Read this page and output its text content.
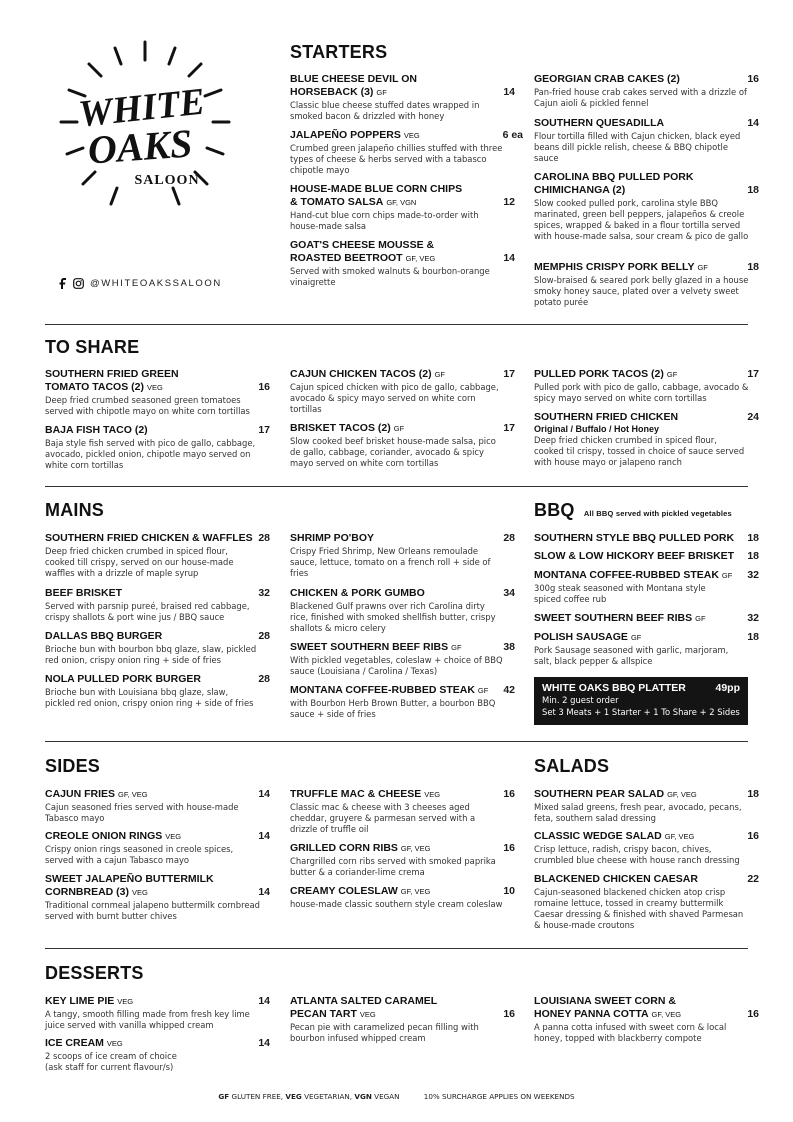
WHITE
OAKS
SALOON
@WHITEOAKSSALOON
STARTERS
BLUE CHEESE DEVIL ON HORSEBACK (3) GF	14
Classic blue cheese stuffed dates wrapped in smoked bacon & drizzled with honey
JALAPEÑO POPPERS VEG	6 ea
Crumbed green jalapeño chillies stuffed with three types of cheese & herbs served with a tabasco chipotle mayo
HOUSE-MADE BLUE CORN CHIPS & TOMATO SALSA GF, VGN	12
Hand-cut blue corn chips made-to-order with house-made salsa
GOAT'S CHEESE MOUSSE & ROASTED BEETROOT GF, VEG	14
Served with smoked walnuts & bourbon-orange vinaigrette
GEORGIAN CRAB CAKES (2)	16
Pan-fried house crab cakes served with a drizzle of Cajun aioli & pickled fennel
SOUTHERN QUESADILLA	14
Flour tortilla filled with Cajun chicken, black eyed beans dill pickle relish, cheese & BBQ chipotle sauce
CAROLINA BBQ PULLED PORK CHIMICHANGA (2)	18
Slow cooked pulled pork, carolina style BBQ marinated, green bell peppers, jalapeños & creole spices, wrapped & baked in a flour tortilla served with house-made salsa, sour cream & pico de gallo
MEMPHIS CRISPY PORK BELLY GF	18
Slow-braised & seared pork belly glazed in a house smoky honey sauce, plated over a velvety sweet potato purée
TO SHARE
SOUTHERN FRIED GREEN TOMATO TACOS (2) VEG	16
Deep fried crumbed seasoned green tomatoes served with chipotle mayo on white corn tortillas
BAJA FISH TACO (2)	17
Baja style fish served with pico de gallo, cabbage, avocado, pickled onion, chipotle mayo served on white corn tortillas
CAJUN CHICKEN TACOS (2) GF	17
Cajun spiced chicken with pico de gallo, cabbage, avocado & spicy mayo served on white corn tortillas
BRISKET TACOS (2) GF	17
Slow cooked beef brisket house-made salsa, pico de gallo, cabbage, coriander, avocado & spicy mayo served on white corn tortillas
PULLED PORK TACOS (2) GF	17
Pulled pork with pico de gallo, cabbage, avocado & spicy mayo served on white corn tortillas
SOUTHERN FRIED CHICKEN	24
Original / Buffalo / Hot Honey
Deep fried chicken crumbed in spiced flour, cooked til crispy, tossed in choice of sauce served with house mayo or jalapeno ranch
MAINS
SOUTHERN FRIED CHICKEN & WAFFLES 28
Deep fried chicken crumbed in spiced flour, cooked till crispy, served on our house-made waffles with a drizzle of maple syrup
BEEF BRISKET	32
Served with parsnip pureé, braised red cabbage, crispy shallots & port wine jus / BBQ sauce
DALLAS BBQ BURGER	28
Brioche bun with bourbon bbq glaze, slaw, pickled red onion, crispy onion ring + side of fries
NOLA PULLED PORK BURGER	28
Brioche bun with Louisiana bbq glaze, slaw, pickled red onion, crispy onion ring + side of fries
SHRIMP PO'BOY	28
Crispy Fried Shrimp, New Orleans remoulade sauce, lettuce, tomato on a french roll + side of fries
CHICKEN & PORK GUMBO	34
Blackened Gulf prawns over rich Carolina dirty rice, finished with smoked shellfish butter, crispy shallots & micro celery
SWEET SOUTHERN BEEF RIBS GF	38
With pickled vegetables, coleslaw + choice of BBQ sauce (Louisiana / Carolina / Texas)
MONTANA COFFEE-RUBBED STEAK GF	42
with Bourbon Herb Brown Butter, a bourbon BBQ sauce + side of fries
BBQ All BBQ served with pickled vegetables
SOUTHERN STYLE BBQ PULLED PORK	18
SLOW & LOW HICKORY BEEF BRISKET	18
MONTANA COFFEE-RUBBED STEAK GF	32
300g steak seasoned with Montana style spiced coffee rub
SWEET SOUTHERN BEEF RIBS GF	32
POLISH SAUSAGE GF	18
Pork Sausage seasoned with garlic, marjoram, salt, black pepper & allspice
WHITE OAKS BBQ PLATTER	49pp
Min. 2 guest order
Set 3 Meats + 1 Starter + 1 To Share + 2 Sides
SIDES
CAJUN FRIES GF, VEG	14
Cajun seasoned fries served with house-made Tabasco mayo
CREOLE ONION RINGS VEG	14
Crispy onion rings seasoned in creole spices, served with a cajun Tabasco mayo
SWEET JALAPEÑO BUTTERMILK CORNBREAD (3) VEG	14
Traditional cornmeal jalapeno buttermilk cornbread served with burnt butter chives
TRUFFLE MAC & CHEESE VEG	16
Classic mac & cheese with 3 cheeses aged cheddar, gruyere & parmesan served with a drizzle of truffle oil
GRILLED CORN RIBS GF, VEG	16
Chargrilled corn ribs served with smoked paprika butter & a coriander-lime crema
CREAMY COLESLAW GF, VEG	10
house-made classic southern style cream coleslaw
SALADS
SOUTHERN PEAR SALAD GF, VEG	18
Mixed salad greens, fresh pear, avocado, pecans, feta, southern salad dressing
CLASSIC WEDGE SALAD GF, VEG	16
Crisp lettuce, radish, crispy bacon, chives, crumbled blue cheese with house ranch dressing
BLACKENED CHICKEN CAESAR	22
Cajun-seasoned blackened chicken atop crisp romaine lettuce, tossed in creamy buttermilk Caesar dressing & finished with shaved Parmesan & house-made croutons
DESSERTS
KEY LIME PIE VEG	14
A tangy, smooth filling made from fresh key lime juice served with vanilla whipped cream
ICE CREAM VEG	14
2 scoops of ice cream of choice (ask staff for current flavour/s)
ATLANTA SALTED CARAMEL PECAN TART VEG	16
Pecan pie with caramelized pecan filling with bourbon infused whipped cream
LOUISIANA SWEET CORN & HONEY PANNA COTTA GF, VEG	16
A panna cotta infused with sweet corn & local honey, topped with blackberry compote
GF GLUTEN FREE, VEG VEGETARIAN, VGN VEGAN	10% SURCHARGE APPLIES ON WEEKENDS
